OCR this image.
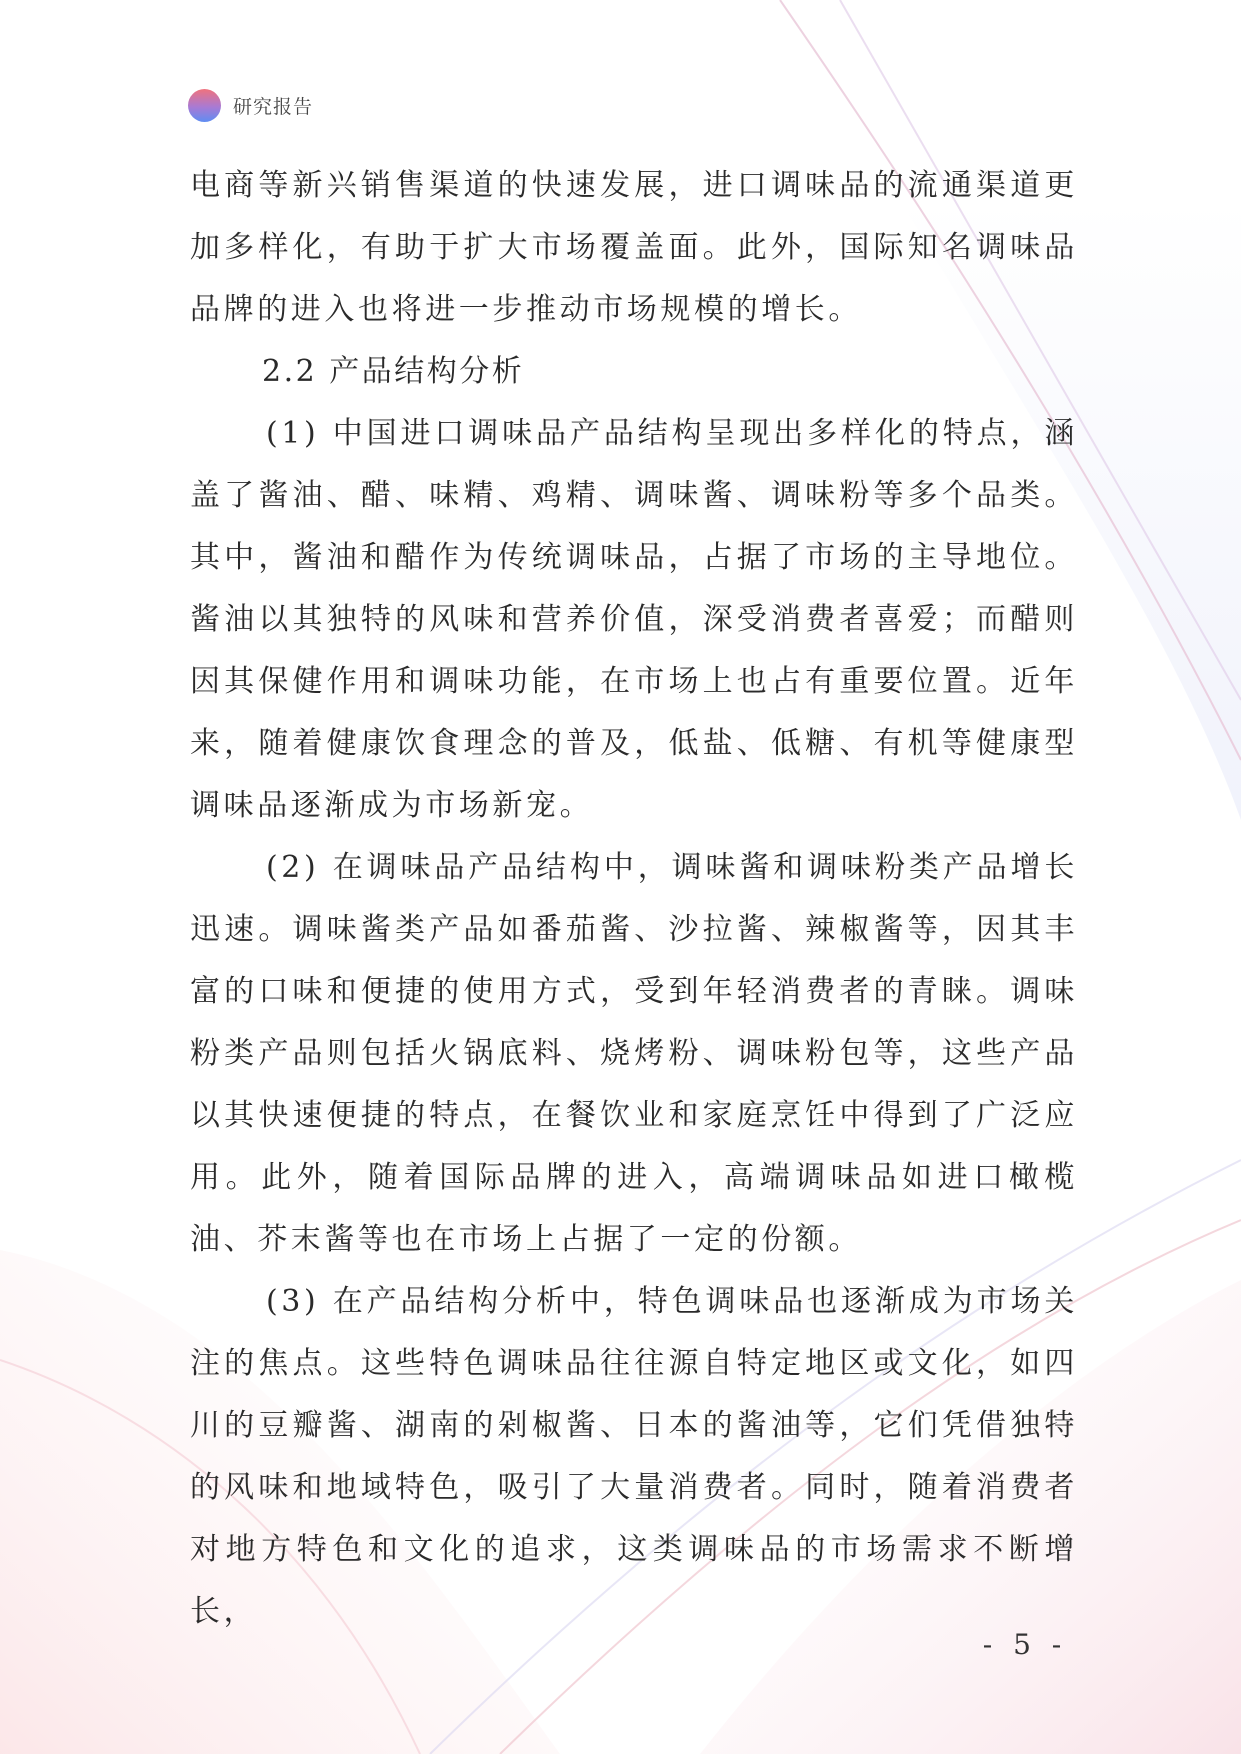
研究报告

电商等新兴销售渠道的快速发展，进口调味品的流通渠道更加多样化，有助于扩大市场覆盖面。此外，国际知名调味品品牌的进入也将进一步推动市场规模的增长。

2.2 产品结构分析

(1) 中国进口调味品产品结构呈现出多样化的特点，涵盖了酱油、醋、味精、鸡精、调味酱、调味粉等多个品类。其中，酱油和醋作为传统调味品，占据了市场的主导地位。酱油以其独特的风味和营养价值，深受消费者喜爱；而醋则因其保健作用和调味功能，在市场上也占有重要位置。近年来，随着健康饮食理念的普及，低盐、低糖、有机等健康型调味品逐渐成为市场新宠。

(2) 在调味品产品结构中，调味酱和调味粉类产品增长迅速。调味酱类产品如番茄酱、沙拉酱、辣椒酱等，因其丰富的口味和便捷的使用方式，受到年轻消费者的青睐。调味粉类产品则包括火锅底料、烧烤粉、调味粉包等，这些产品以其快速便捷的特点，在餐饮业和家庭烹饪中得到了广泛应用。此外，随着国际品牌的进入，高端调味品如进口橄榄油、芥末酱等也在市场上占据了一定的份额。

(3) 在产品结构分析中，特色调味品也逐渐成为市场关注的焦点。这些特色调味品往往源自特定地区或文化，如四川的豆瓣酱、湖南的剁椒酱、日本的酱油等，它们凭借独特的风味和地域特色，吸引了大量消费者。同时，随着消费者对地方特色和文化的追求，这类调味品的市场需求不断增长，

- 5 -
